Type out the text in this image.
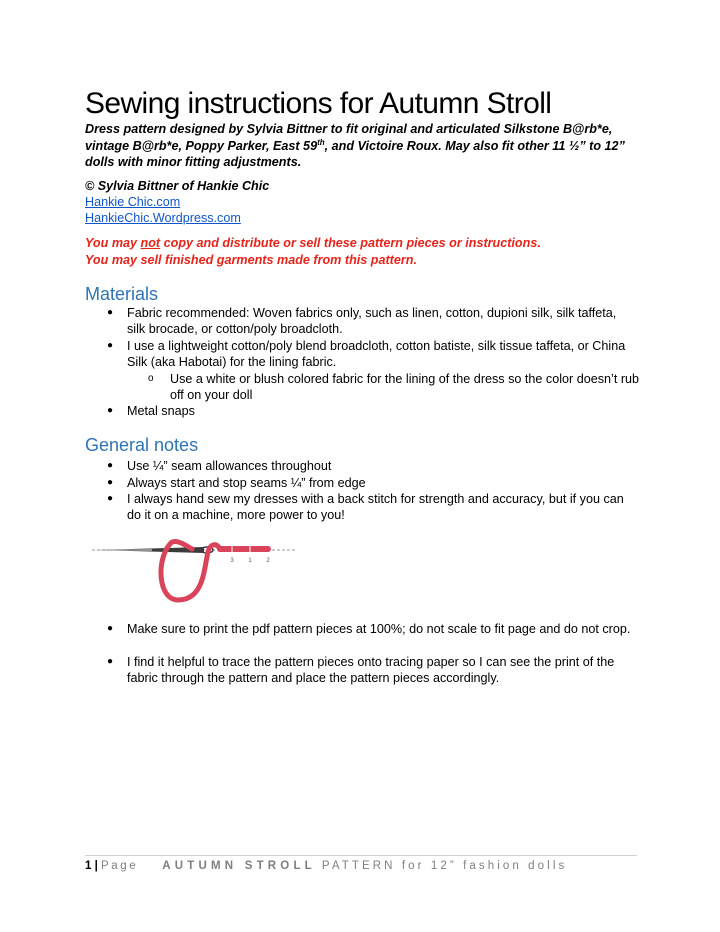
Sewing instructions for Autumn Stroll
Dress pattern designed by Sylvia Bittner to fit original and articulated Silkstone B@rb*e, vintage B@rb*e, Poppy Parker, East 59th, and Victoire Roux. May also fit other 11 ½” to 12” dolls with minor fitting adjustments.
© Sylvia Bittner of Hankie Chic
Hankie Chic.com
HankieChic.Wordpress.com
You may not copy and distribute or sell these pattern pieces or instructions.
You may sell finished garments made from this pattern.
Materials
● Fabric recommended: Woven fabrics only, such as linen, cotton, dupioni silk, silk taffeta, silk brocade, or cotton/poly broadcloth.
● I use a lightweight cotton/poly blend broadcloth, cotton batiste, silk tissue taffeta, or China Silk (aka Habotai) for the lining fabric.
o Use a white or blush colored fabric for the lining of the dress so the color doesn’t rub off on your doll
● Metal snaps
General notes
● Use ¼” seam allowances throughout
● Always start and stop seams ¼” from edge
● I always hand sew my dresses with a back stitch for strength and accuracy, but if you can do it on a machine, more power to you!
3 1 2
● Make sure to print the pdf pattern pieces at 100%; do not scale to fit page and do not crop.
● I find it helpful to trace the pattern pieces onto tracing paper so I can see the print of the fabric through the pattern and place the pattern pieces accordingly.
1 | Page AUTUMN STROLL PATTERN for 12” fashion dolls
